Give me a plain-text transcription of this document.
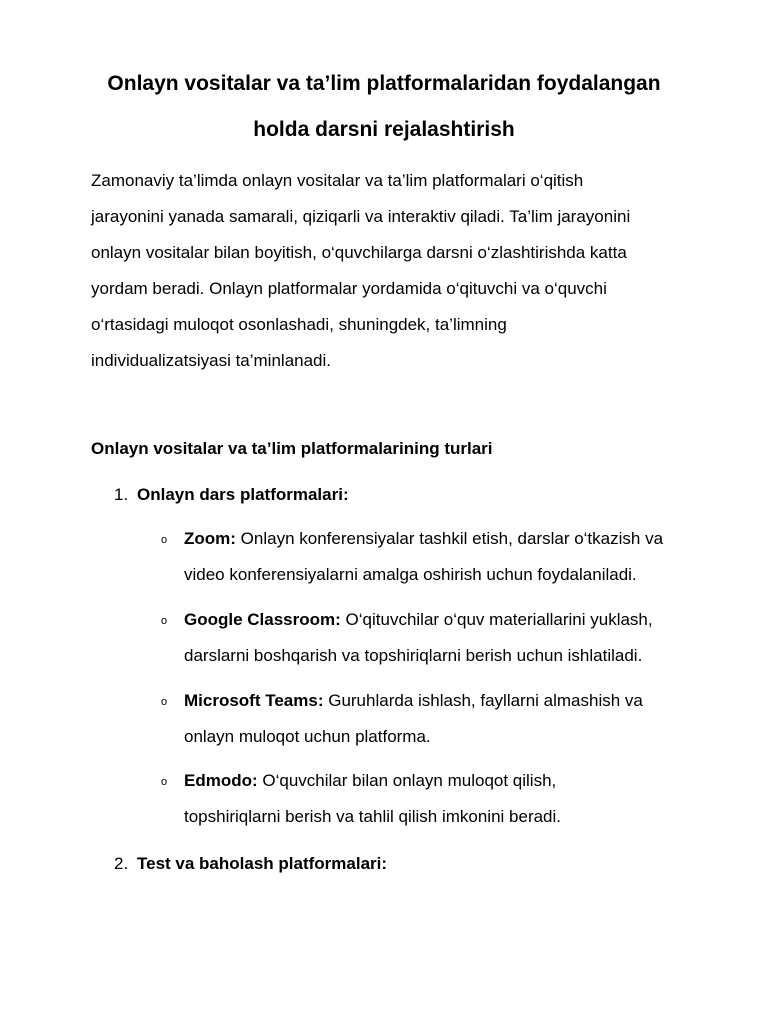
Onlayn vositalar va ta’lim platformalaridan foydalangan
holda darsni rejalashtirish

Zamonaviy ta’limda onlayn vositalar va ta’lim platformalari o‘qitish
jarayonini yanada samarali, qiziqarli va interaktiv qiladi. Ta’lim jarayonini
onlayn vositalar bilan boyitish, o‘quvchilarga darsni o‘zlashtirishda katta
yordam beradi. Onlayn platformalar yordamida o‘qituvchi va o‘quvchi
o‘rtasidagi muloqot osonlashadi, shuningdek, ta’limning
individualizatsiyasi ta’minlanadi.

Onlayn vositalar va ta’lim platformalarining turlari
1. Onlayn dars platformalari:
o Zoom: Onlayn konferensiyalar tashkil etish, darslar o‘tkazish va
video konferensiyalarni amalga oshirish uchun foydalaniladi.
o Google Classroom: O‘qituvchilar o‘quv materiallarini yuklash,
darslarni boshqarish va topshiriqlarni berish uchun ishlatiladi.
o Microsoft Teams: Guruhlarda ishlash, fayllarni almashish va
onlayn muloqot uchun platforma.
o Edmodo: O‘quvchilar bilan onlayn muloqot qilish,
topshiriqlarni berish va tahlil qilish imkonini beradi.
2. Test va baholash platformalari:
